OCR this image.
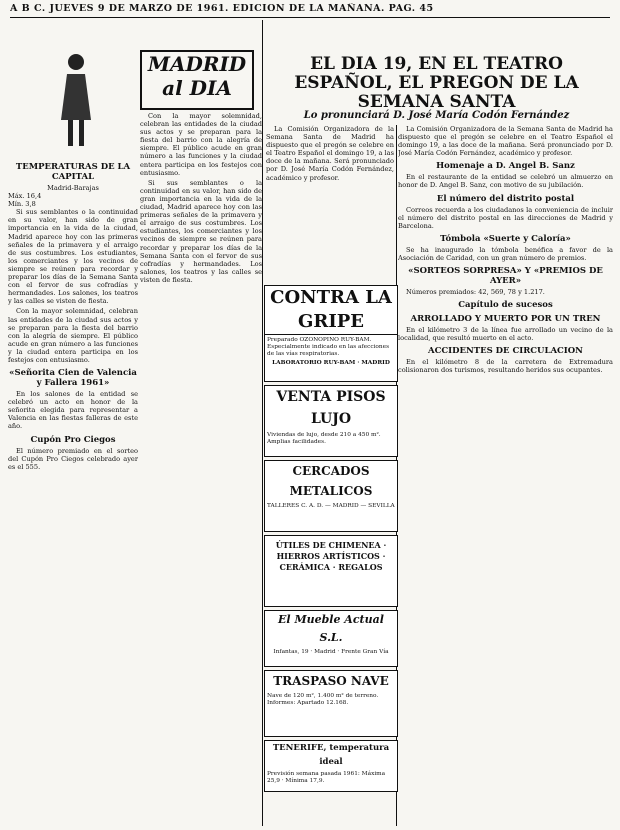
A B C. JUEVES 9 DE MARZO DE 1961. EDICION DE LA MAÑANA. PAG. 45
MADRID
al DIA
EL DIA 19, EN EL TEATRO ESPAÑOL, EL PREGON DE LA SEMANA SANTA
Lo pronunciará D. José María Codón Fernández
TEMPERATURAS DE LA CAPITAL
Madrid-Barajas
Máx. 16,4
Mín. 3,8

Si sus semblantes o la continuidad en su valor, han sido de gran importancia en la vida de la ciudad, Madrid aparece hoy con las primeras señales de la primavera y el arraigo de sus costumbres. Los estudiantes, los comerciantes y los vecinos de siempre se reúnen para recordar y preparar los días de la Semana Santa con el fervor de sus cofradías y hermandades. Los salones, los teatros y las calles se visten de fiesta.

Con la mayor solemnidad, celebran las entidades de la ciudad sus actos y se preparan para la fiesta del barrio con la alegría de siempre. El público acude en gran número a las funciones y la ciudad entera participa en los festejos con entusiasmo.

«Señorita Cien de Valencia y Fallera 1961»

En los salones de la entidad se celebró un acto en honor de la señorita elegida para representar a Valencia en las fiestas falleras de este año.

Cupón Pro Ciegos

El número premiado en el sorteo del Cupón Pro Ciegos celebrado ayer es el 555.

Con la mayor solemnidad, celebran las entidades de la ciudad sus actos y se preparan para la fiesta del barrio con la alegría de siempre. El público acude en gran número a las funciones y la ciudad entera participa en los festejos con entusiasmo.

Si sus semblantes o la continuidad en su valor, han sido de gran importancia en la vida de la ciudad, Madrid aparece hoy con las primeras señales de la primavera y el arraigo de sus costumbres. Los estudiantes, los comerciantes y los vecinos de siempre se reúnen para recordar y preparar los días de la Semana Santa con el fervor de sus cofradías y hermandades. Los salones, los teatros y las calles se visten de fiesta.

La Comisión Organizadora de la Semana Santa de Madrid ha dispuesto que el pregón se celebre en el Teatro Español el domingo 19, a las doce de la mañana. Será pronunciado por D. José María Codón Fernández, académico y profesor.

CONTRA LA GRIPE
Preparado OZONOPINO RUY-BAM. Especialmente indicado en las afecciones de las vías respiratorias.
LABORATORIO RUY-BAM · MADRID
VENTA PISOS LUJO
Viviendas de lujo, desde 210 a 450 m². Amplias facilidades.
CERCADOS METALICOS
TALLERES C. A. D. — MADRID — SEVILLA
ÚTILES DE CHIMENEA · HIERROS ARTÍSTICOS · CERÁMICA · REGALOS
El Mueble Actual S.L.
Infantas, 19 · Madrid · Frente Gran Vía
TRASPASO NAVE
Nave de 120 m², 1.400 m² de terreno. Informes: Apartado 12.168.
TENERIFE, temperatura ideal
Previsión semana pasada 1961: Máxima 25,9 · Mínima 17,9.

La Comisión Organizadora de la Semana Santa de Madrid ha dispuesto que el pregón se celebre en el Teatro Español el domingo 19, a las doce de la mañana. Será pronunciado por D. José María Codón Fernández, académico y profesor.

Homenaje a D. Angel B. Sanz

En el restaurante de la entidad se celebró un almuerzo en honor de D. Angel B. Sanz, con motivo de su jubilación.

El número del distrito postal

Correos recuerda a los ciudadanos la conveniencia de incluir el número del distrito postal en las direcciones de Madrid y Barcelona.

Tómbola «Suerte y Caloría»

Se ha inaugurado la tómbola benéfica a favor de la Asociación de Caridad, con un gran número de premios.

«SORTEOS SORPRESA» Y «PREMIOS DE AYER»

Números premiados: 42, 569, 78 y 1.217.

Capítulo de sucesos
ARROLLADO Y MUERTO POR UN TREN

En el kilómetro 3 de la línea fue arrollado un vecino de la localidad, que resultó muerto en el acto.

ACCIDENTES DE CIRCULACION

En el kilómetro 8 de la carretera de Extremadura colisionaron dos turismos, resultando heridos sus ocupantes.
